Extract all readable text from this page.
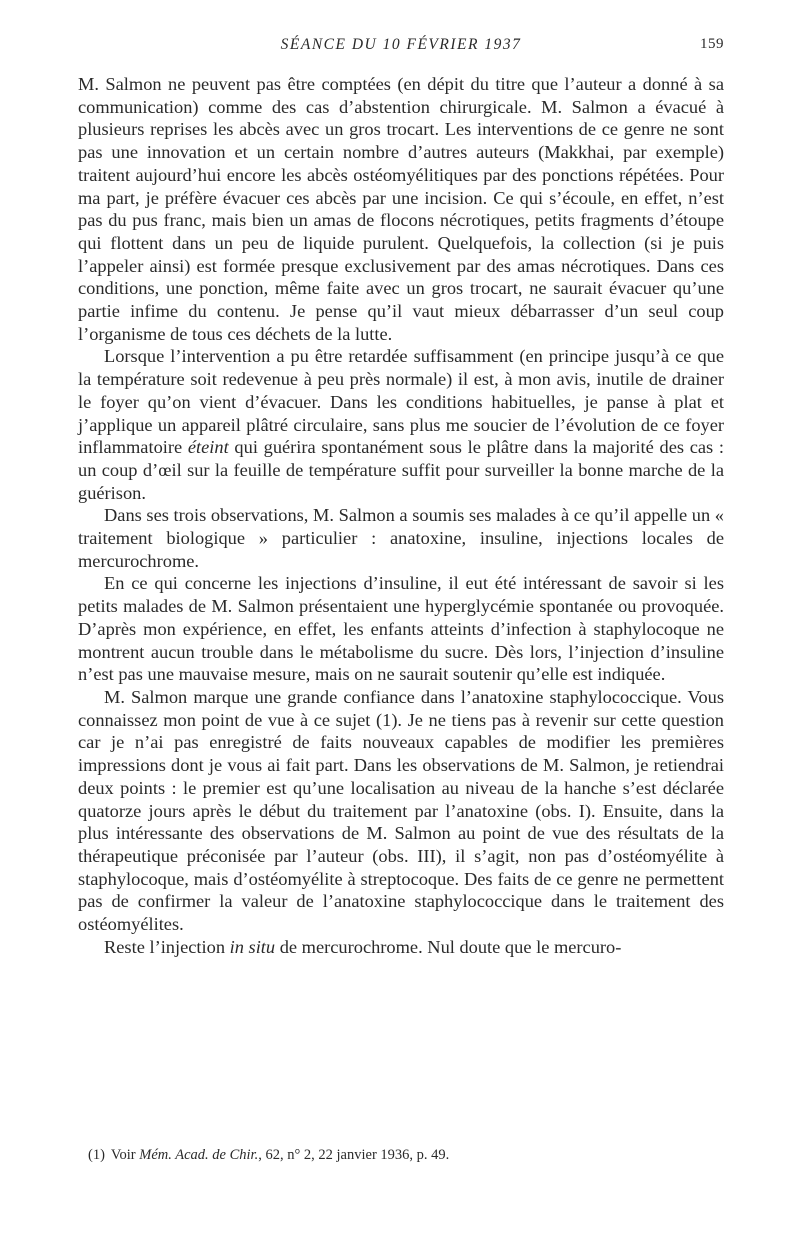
SÉANCE DU 10 FÉVRIER 1937	159

M. Salmon ne peuvent pas être comptées (en dépit du titre que l’auteur a donné à sa communication) comme des cas d’abstention chirurgicale. M. Salmon a évacué à plusieurs reprises les abcès avec un gros trocart. Les interventions de ce genre ne sont pas une innovation et un certain nombre d’autres auteurs (Makkhai, par exemple) traitent aujourd’hui encore les abcès ostéomyélitiques par des ponctions répétées. Pour ma part, je préfère évacuer ces abcès par une incision. Ce qui s’écoule, en effet, n’est pas du pus franc, mais bien un amas de flocons nécrotiques, petits fragments d’étoupe qui flottent dans un peu de liquide purulent. Quelquefois, la collection (si je puis l’appeler ainsi) est formée presque exclusivement par des amas nécrotiques. Dans ces conditions, une ponction, même faite avec un gros trocart, ne saurait évacuer qu’une partie infime du contenu. Je pense qu’il vaut mieux débarrasser d’un seul coup l’organisme de tous ces déchets de la lutte.

Lorsque l’intervention a pu être retardée suffisamment (en principe jusqu’à ce que la température soit redevenue à peu près normale) il est, à mon avis, inutile de drainer le foyer qu’on vient d’évacuer. Dans les conditions habituelles, je panse à plat et j’applique un appareil plâtré circulaire, sans plus me soucier de l’évolution de ce foyer inflammatoire éteint qui guérira spontanément sous le plâtre dans la majorité des cas : un coup d’œil sur la feuille de température suffit pour surveiller la bonne marche de la guérison.

Dans ses trois observations, M. Salmon a soumis ses malades à ce qu’il appelle un « traitement biologique » particulier : anatoxine, insuline, injections locales de mercurochrome.

En ce qui concerne les injections d’insuline, il eut été intéressant de savoir si les petits malades de M. Salmon présentaient une hyperglycémie spontanée ou provoquée. D’après mon expérience, en effet, les enfants atteints d’infection à staphylocoque ne montrent aucun trouble dans le métabolisme du sucre. Dès lors, l’injection d’insuline n’est pas une mauvaise mesure, mais on ne saurait soutenir qu’elle est indiquée.

M. Salmon marque une grande confiance dans l’anatoxine staphylococcique. Vous connaissez mon point de vue à ce sujet (1). Je ne tiens pas à revenir sur cette question car je n’ai pas enregistré de faits nouveaux capables de modifier les premières impressions dont je vous ai fait part. Dans les observations de M. Salmon, je retiendrai deux points : le premier est qu’une localisation au niveau de la hanche s’est déclarée quatorze jours après le début du traitement par l’anatoxine (obs. I). Ensuite, dans la plus intéressante des observations de M. Salmon au point de vue des résultats de la thérapeutique préconisée par l’auteur (obs. III), il s’agit, non pas d’ostéomyélite à staphylocoque, mais d’ostéomyélite à streptocoque. Des faits de ce genre ne permettent pas de confirmer la valeur de l’anatoxine staphylococcique dans le traitement des ostéomyélites.

Reste l’injection in situ de mercurochrome. Nul doute que le mercuro-

(1) Voir Mém. Acad. de Chir., 62, n° 2, 22 janvier 1936, p. 49.
